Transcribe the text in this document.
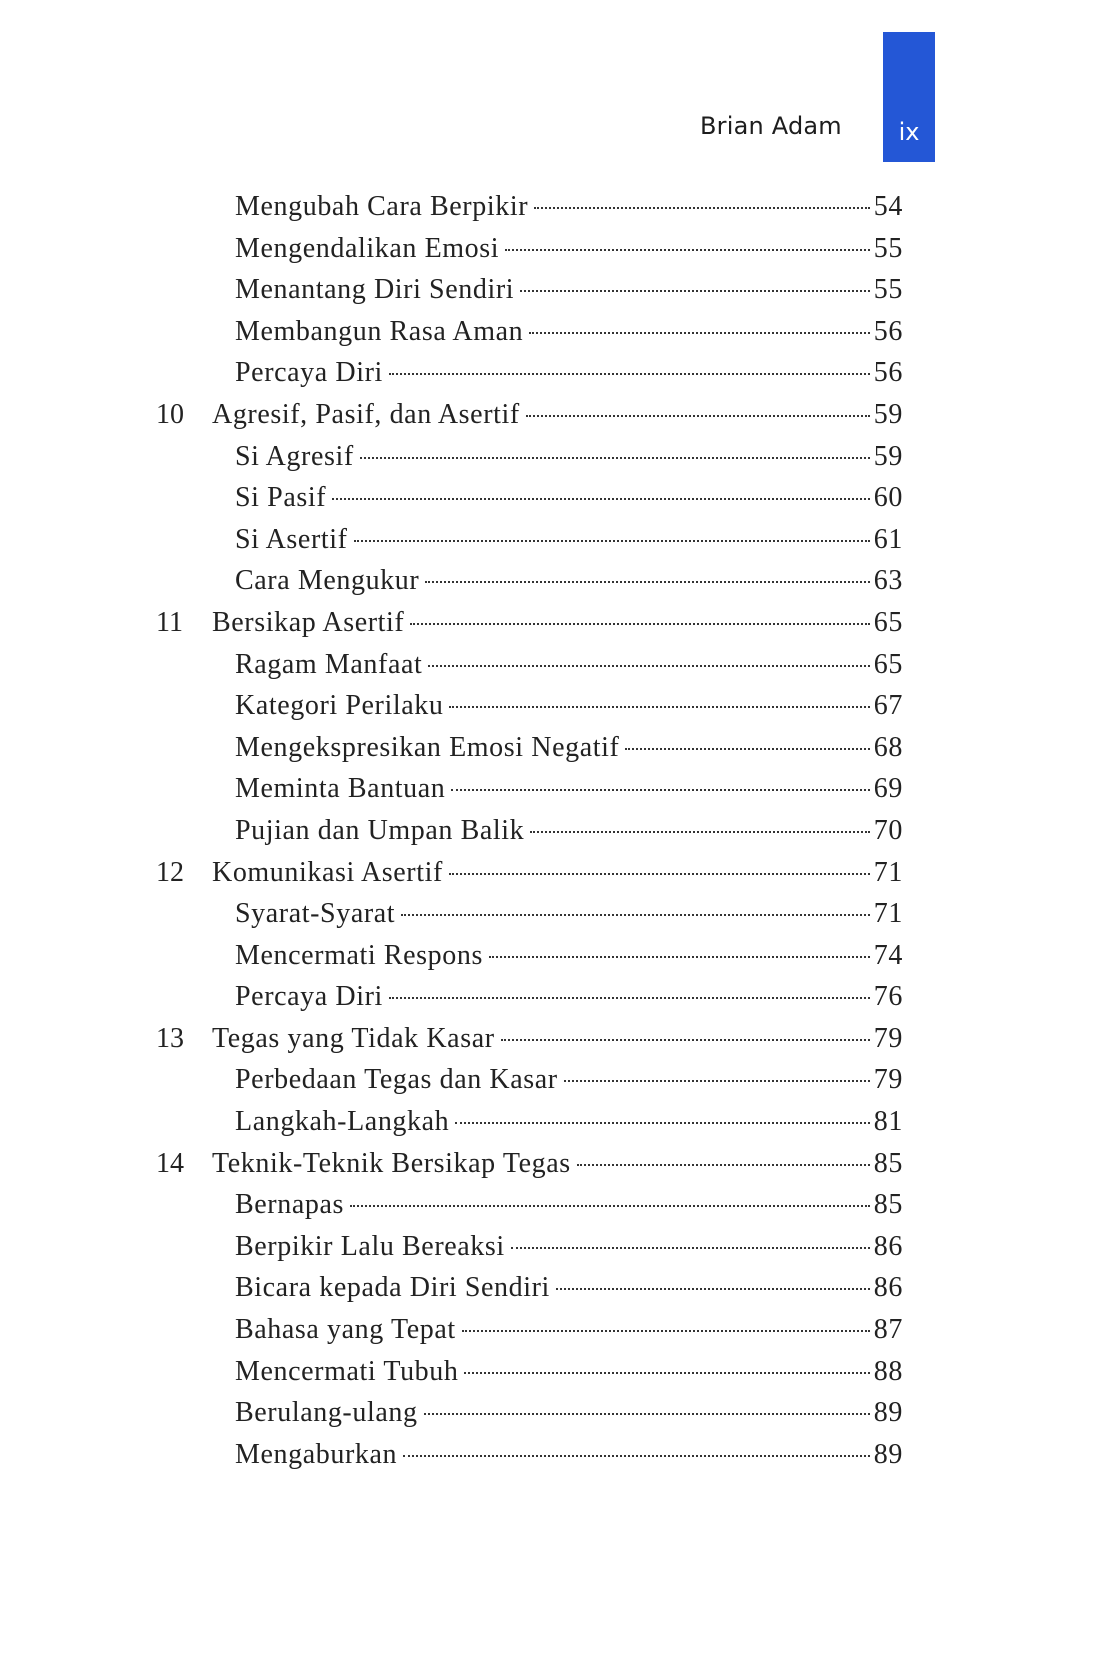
Brian Adam	ix
Mengubah Cara Berpikir	54
Mengendalikan Emosi	55
Menantang Diri Sendiri	55
Membangun Rasa Aman	56
Percaya Diri	56
10	Agresif, Pasif, dan Asertif	59
Si Agresif	59
Si Pasif	60
Si Asertif	61
Cara Mengukur	63
11	Bersikap Asertif	65
Ragam Manfaat	65
Kategori Perilaku	67
Mengekspresikan Emosi Negatif	68
Meminta Bantuan	69
Pujian dan Umpan Balik	70
12	Komunikasi Asertif	71
Syarat-Syarat	71
Mencermati Respons	74
Percaya Diri	76
13	Tegas yang Tidak Kasar	79
Perbedaan Tegas dan Kasar	79
Langkah-Langkah	81
14	Teknik-Teknik Bersikap Tegas	85
Bernapas	85
Berpikir Lalu Bereaksi	86
Bicara kepada Diri Sendiri	86
Bahasa yang Tepat	87
Mencermati Tubuh	88
Berulang-ulang	89
Mengaburkan	89
